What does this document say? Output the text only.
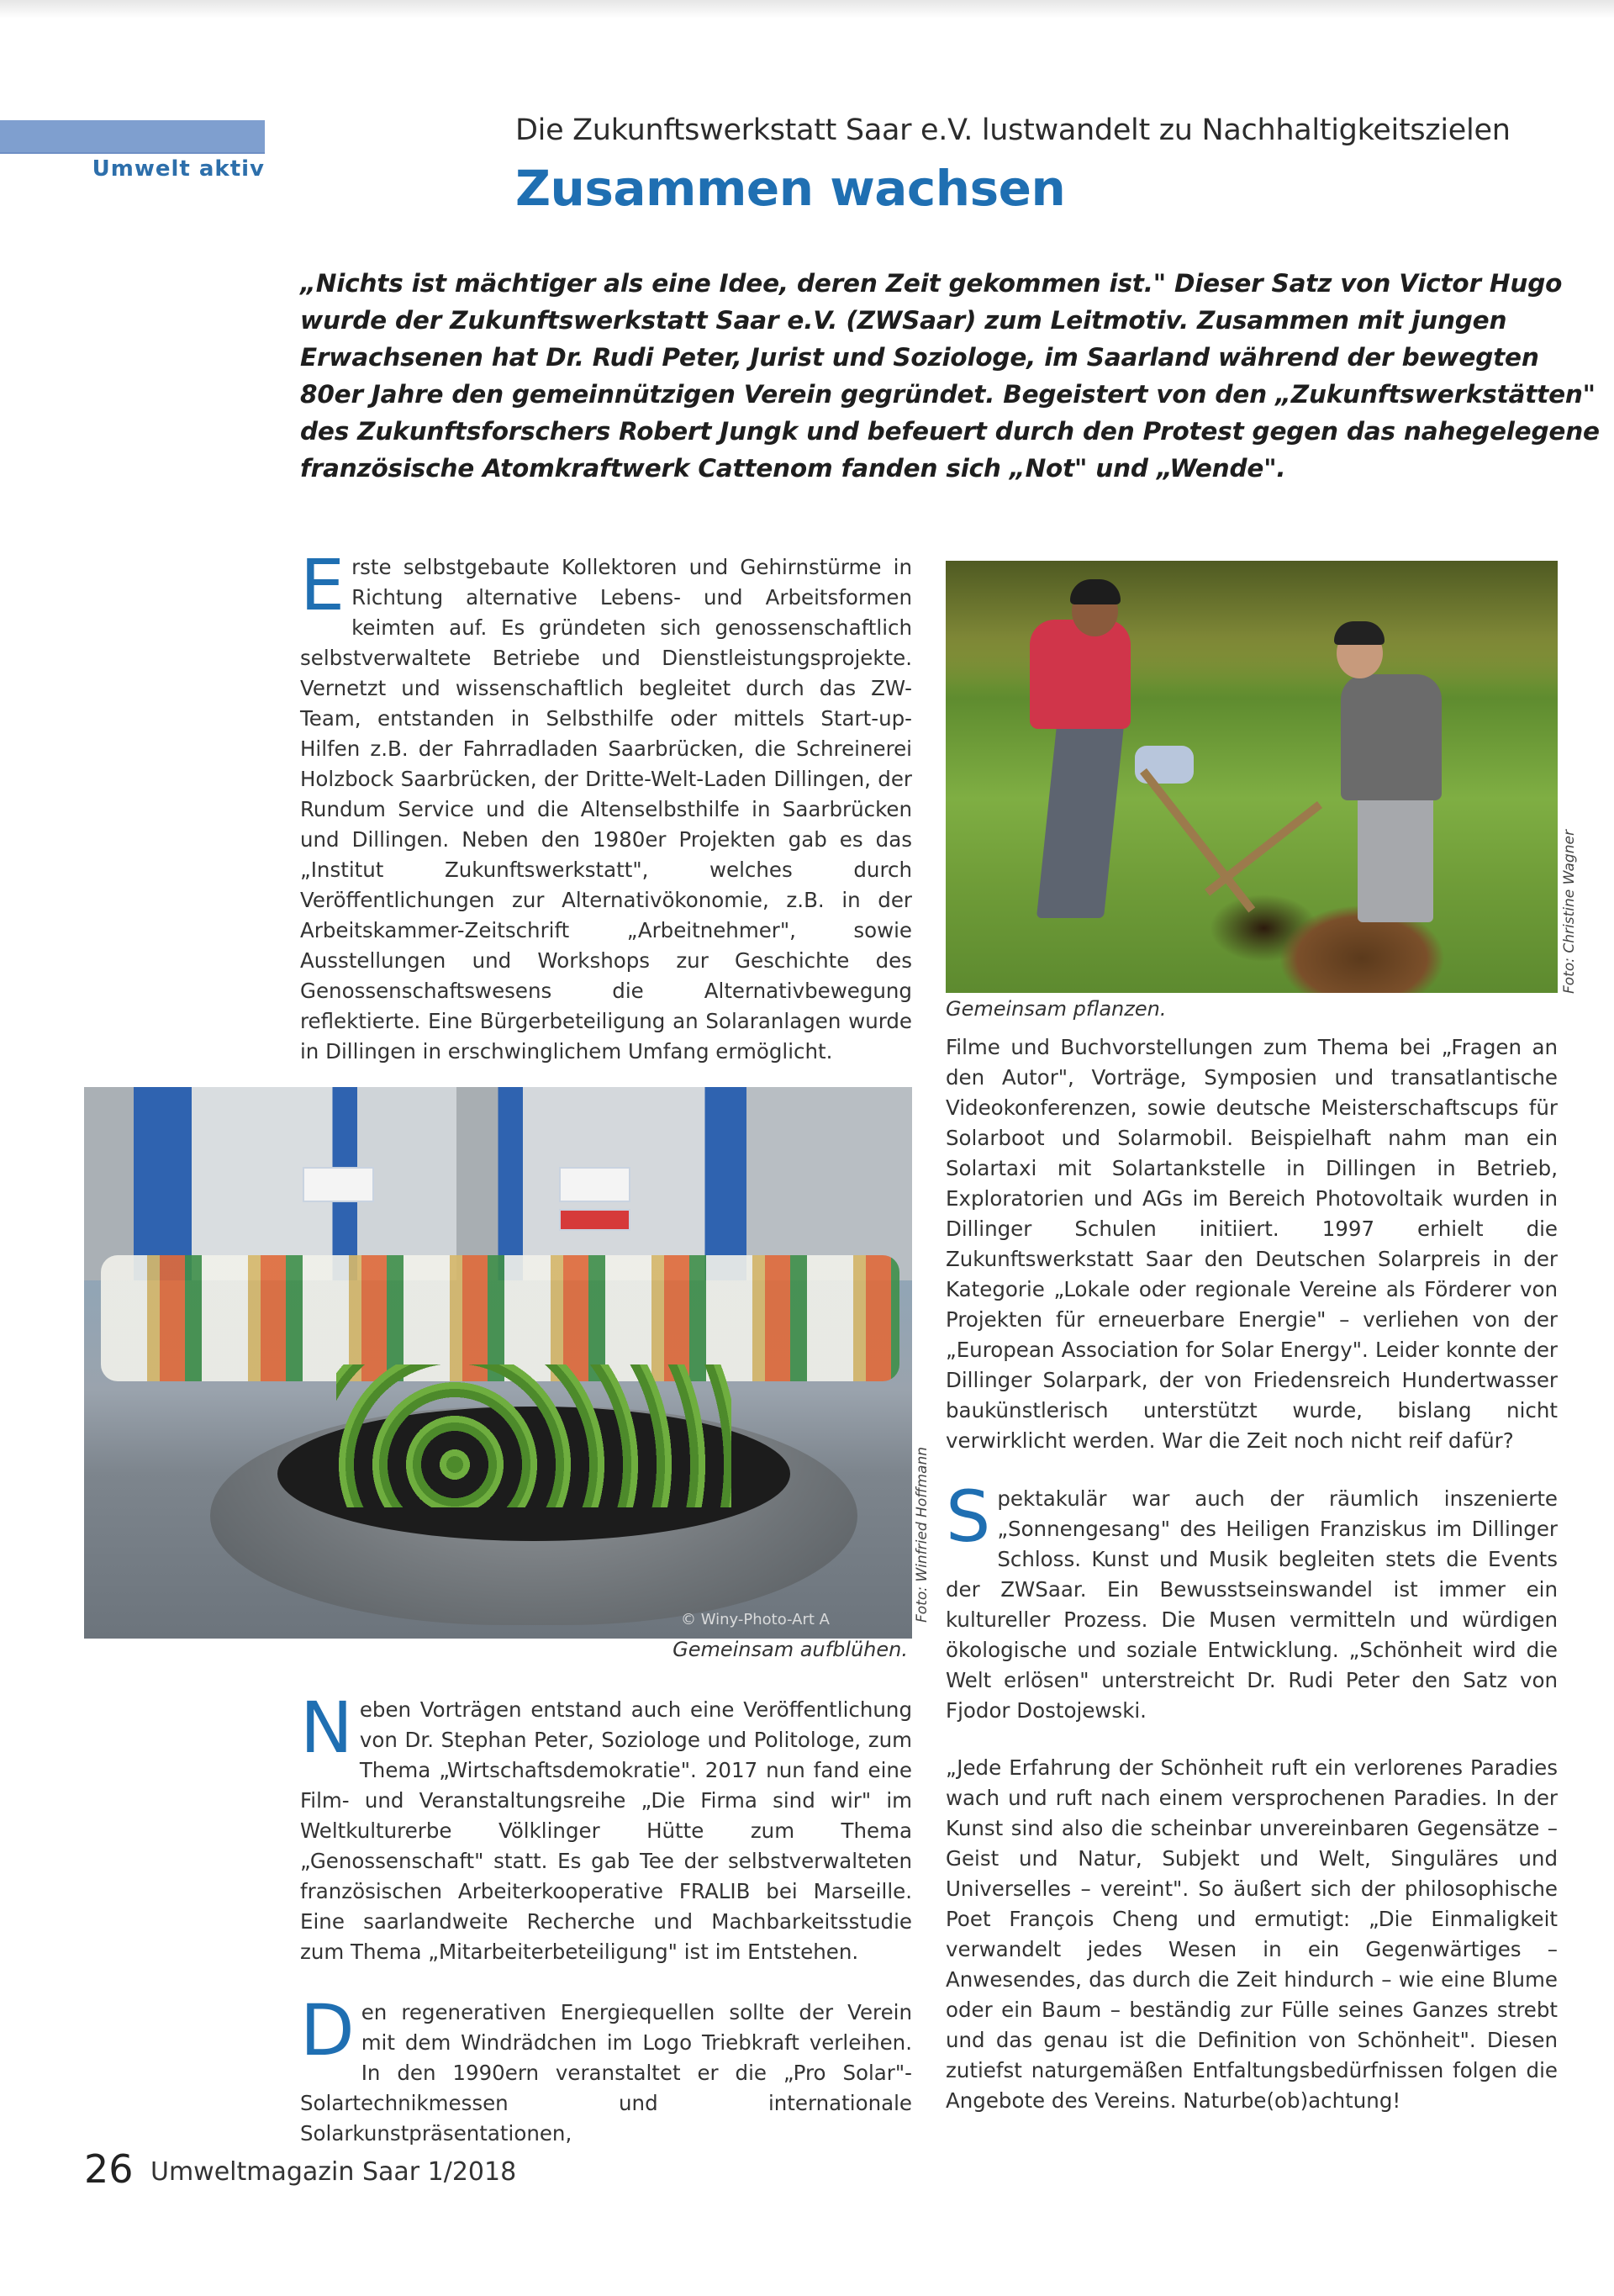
Umwelt aktiv
Die Zukunftswerkstatt Saar e.V. lustwandelt zu Nachhaltigkeitszielen
Zusammen wachsen

„Nichts ist mächtiger als eine Idee, deren Zeit gekommen ist." Dieser Satz von Victor Hugo wurde der Zukunftswerkstatt Saar e.V. (ZWSaar) zum Leitmotiv. Zusammen mit jungen Erwachsenen hat Dr. Rudi Peter, Jurist und Soziologe, im Saarland während der bewegten 80er Jahre den gemeinnützigen Verein gegründet. Begeistert von den „Zukunftswerkstätten" des Zukunftsforschers Robert Jungk und befeuert durch den Protest gegen das nahegelegene französische Atomkraftwerk Cattenom fanden sich „Not" und „Wende".

Erste selbstgebaute Kollektoren und Gehirnstürme in Richtung alternative Lebens- und Arbeitsformen keimten auf. Es gründeten sich genossenschaftlich selbstverwaltete Betriebe und Dienstleistungsprojekte. Vernetzt und wissenschaftlich begleitet durch das ZW-Team, entstanden in Selbsthilfe oder mittels Start-up-Hilfen z.B. der Fahrradladen Saarbrücken, die Schreinerei Holzbock Saarbrücken, der Dritte-Welt-Laden Dillingen, der Rundum Service und die Altenselbsthilfe in Saarbrücken und Dillingen. Neben den 1980er Projekten gab es das „Institut Zukunftswerkstatt", welches durch Veröffentlichungen zur Alternativökonomie, z.B. in der Arbeitskammer-Zeitschrift „Arbeitnehmer", sowie Ausstellungen und Workshops zur Geschichte des Genossenschaftswesens die Alternativbewegung reflektierte. Eine Bürgerbeteiligung an Solaranlagen wurde in Dillingen in erschwinglichem Umfang ermöglicht.

Foto: Christine Wagner
Gemeinsam pflanzen.

Filme und Buchvorstellungen zum Thema bei „Fragen an den Autor", Vorträge, Symposien und transatlantische Videokonferenzen, sowie deutsche Meisterschaftscups für Solarboot und Solarmobil. Beispielhaft nahm man ein Solartaxi mit Solartankstelle in Dillingen in Betrieb, Exploratorien und AGs im Bereich Photovoltaik wurden in Dillinger Schulen initiiert. 1997 erhielt die Zukunftswerkstatt Saar den Deutschen Solarpreis in der Kategorie „Lokale oder regionale Vereine als Förderer von Projekten für erneuerbare Energie" – verliehen von der „European Association for Solar Energy". Leider konnte der Dillinger Solarpark, der von Friedensreich Hundertwasser baukünstlerisch unterstützt wurde, bislang nicht verwirklicht werden. War die Zeit noch nicht reif dafür?

Spektakulär war auch der räumlich inszenierte „Sonnengesang" des Heiligen Franziskus im Dillinger Schloss. Kunst und Musik begleiten stets die Events der ZWSaar. Ein Bewusstseinswandel ist immer ein kultureller Prozess. Die Musen vermitteln und würdigen ökologische und soziale Entwicklung. „Schönheit wird die Welt erlösen" unterstreicht Dr. Rudi Peter den Satz von Fjodor Dostojewski.

„Jede Erfahrung der Schönheit ruft ein verlorenes Paradies wach und ruft nach einem versprochenen Paradies. In der Kunst sind also die scheinbar unvereinbaren Gegensätze – Geist und Natur, Subjekt und Welt, Singuläres und Universelles – vereint". So äußert sich der philosophische Poet François Cheng und ermutigt: „Die Einmaligkeit verwandelt jedes Wesen in ein Gegenwärtiges – Anwesendes, das durch die Zeit hindurch – wie eine Blume oder ein Baum – beständig zur Fülle seines Ganzes strebt und das genau ist die Definition von Schönheit". Diesen zutiefst naturgemäßen Entfaltungsbedürfnissen folgen die Angebote des Vereins. Naturbe(ob)achtung!

© Winy-Photo-Art A	Foto: Winfried Hoffmann
Gemeinsam aufblühen.

Neben Vorträgen entstand auch eine Veröffentlichung von Dr. Stephan Peter, Soziologe und Politologe, zum Thema „Wirtschaftsdemokratie". 2017 nun fand eine Film- und Veranstaltungsreihe „Die Firma sind wir" im Weltkulturerbe Völklinger Hütte zum Thema „Genossenschaft" statt. Es gab Tee der selbstverwalteten französischen Arbeiterkooperative FRALIB bei Marseille. Eine saarlandweite Recherche und Machbarkeitsstudie zum Thema „Mitarbeiterbeteiligung" ist im Entstehen.

Den regenerativen Energiequellen sollte der Verein mit dem Windrädchen im Logo Triebkraft verleihen. In den 1990ern veranstaltet er die „Pro Solar"-Solartechnikmessen und internationale Solarkunstpräsentationen,

26 Umweltmagazin Saar 1/2018
